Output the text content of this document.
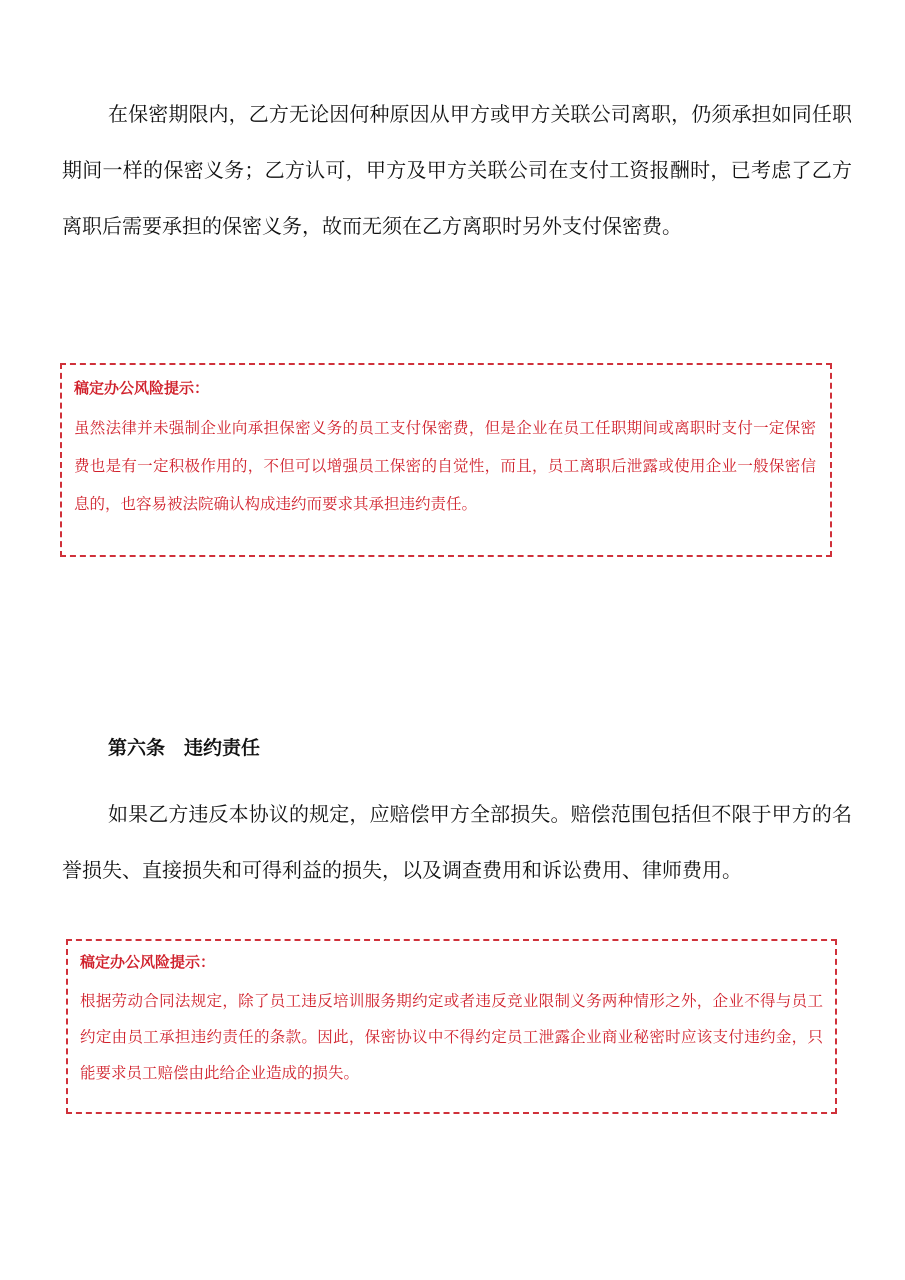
在保密期限内，乙方无论因何种原因从甲方或甲方关联公司离职，仍须承担如同任职期间一样的保密义务；乙方认可，甲方及甲方关联公司在支付工资报酬时，已考虑了乙方离职后需要承担的保密义务，故而无须在乙方离职时另外支付保密费。

稿定办公风险提示：

虽然法律并未强制企业向承担保密义务的员工支付保密费，但是企业在员工任职期间或离职时支付一定保密费也是有一定积极作用的，不但可以增强员工保密的自觉性，而且，员工离职后泄露或使用企业一般保密信息的，也容易被法院确认构成违约而要求其承担违约责任。

第六条　违约责任

如果乙方违反本协议的规定，应赔偿甲方全部损失。赔偿范围包括但不限于甲方的名誉损失、直接损失和可得利益的损失，以及调查费用和诉讼费用、律师费用。

稿定办公风险提示：

根据劳动合同法规定，除了员工违反培训服务期约定或者违反竞业限制义务两种情形之外，企业不得与员工约定由员工承担违约责任的条款。因此，保密协议中不得约定员工泄露企业商业秘密时应该支付违约金，只能要求员工赔偿由此给企业造成的损失。
